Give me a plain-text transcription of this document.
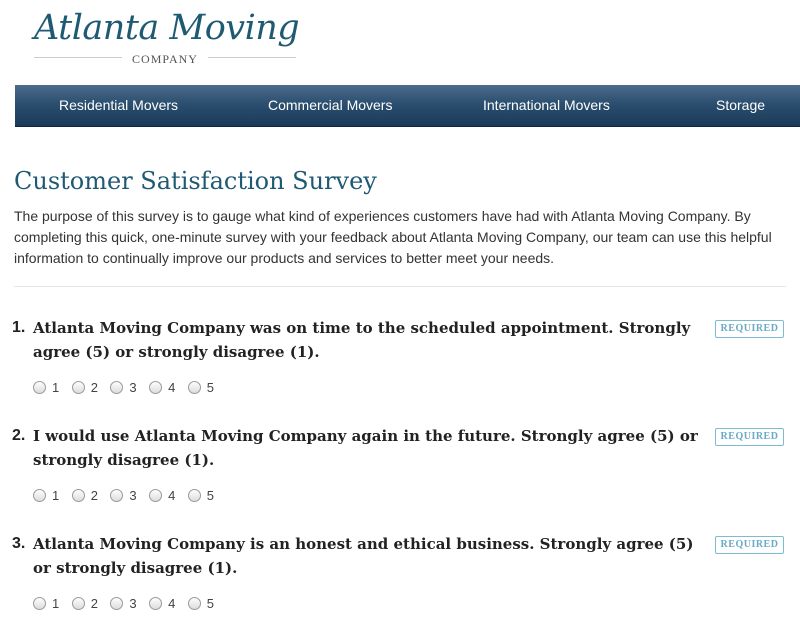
Atlanta Moving
COMPANY
Residential Movers	Commercial Movers	International Movers	Storage
Customer Satisfaction Survey

The purpose of this survey is to gauge what kind of experiences customers have had with Atlanta Moving Company. By completing this quick, one-minute survey with your feedback about Atlanta Moving Company, our team can use this helpful information to continually improve our products and services to better meet your needs.

1. Atlanta Moving Company was on time to the scheduled appointment. Strongly agree (5) or strongly disagree (1).
REQUIRED
1 2 3 4 5
2. I would use Atlanta Moving Company again in the future. Strongly agree (5) or strongly disagree (1).
REQUIRED
1 2 3 4 5
3. Atlanta Moving Company is an honest and ethical business. Strongly agree (5) or strongly disagree (1).
REQUIRED
1 2 3 4 5
